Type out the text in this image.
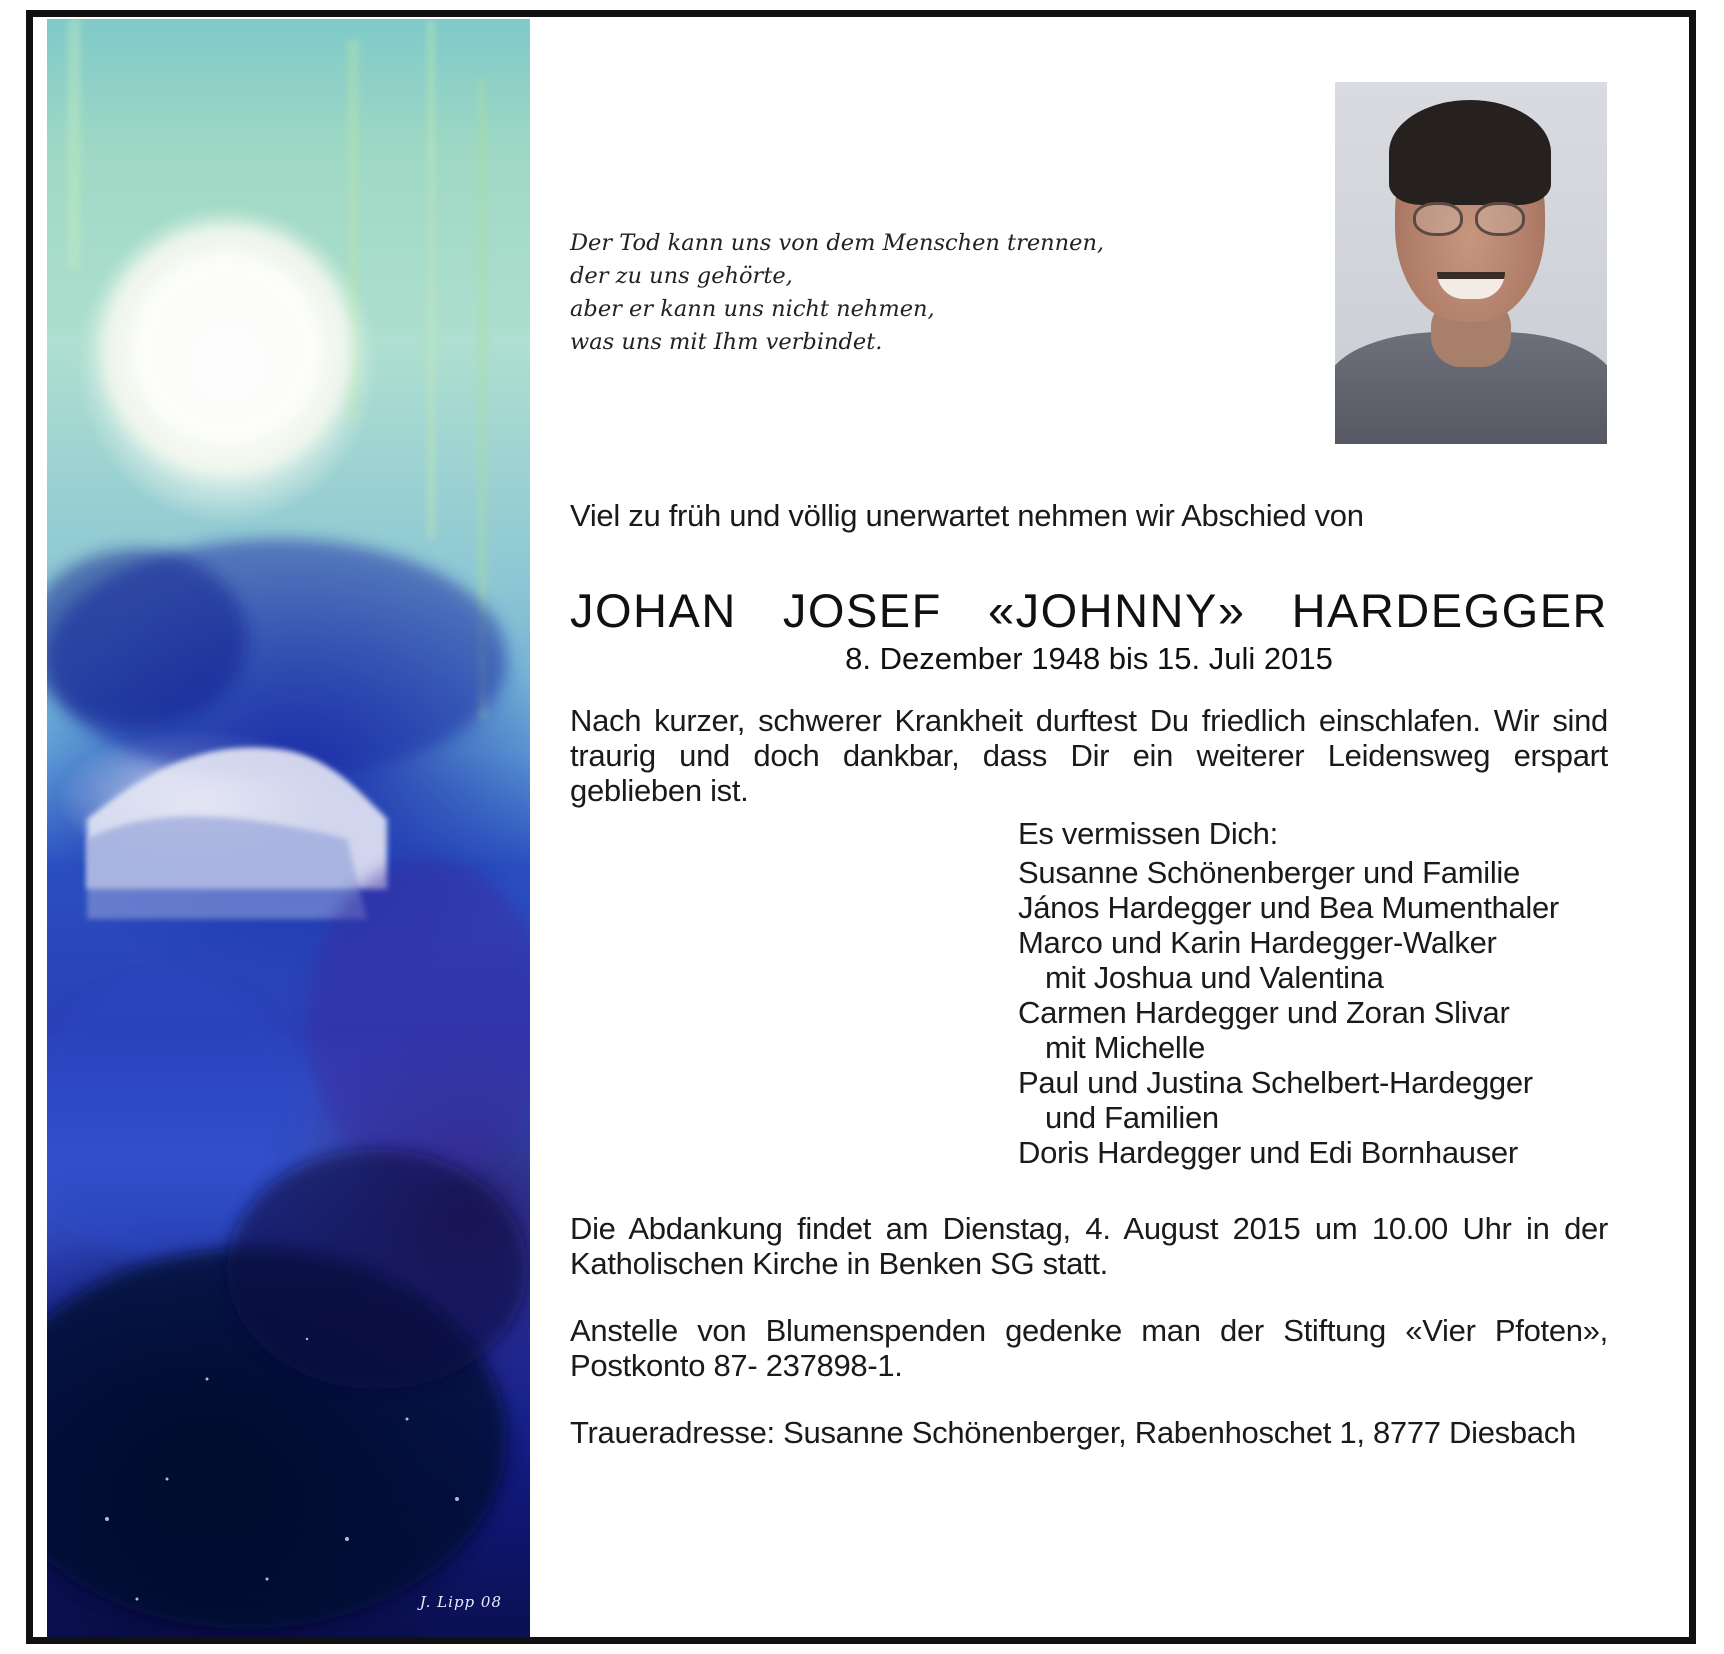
J. Lipp 08
Der Tod kann uns von dem Menschen trennen,
der zu uns gehörte,
aber er kann uns nicht nehmen,
was uns mit Ihm verbindet.
Viel zu früh und völlig unerwartet nehmen wir Abschied von
JOHAN JOSEF «JOHNNY» HARDEGGER
8. Dezember 1948 bis 15. Juli 2015
Nach kurzer, schwerer Krankheit durftest Du friedlich einschlafen. Wir sind traurig und doch dankbar, dass Dir ein weiterer Leidensweg erspart geblieben ist.
Es vermissen Dich:
Susanne Schönenberger und Familie
János Hardegger und Bea Mumenthaler
Marco und Karin Hardegger-Walker
mit Joshua und Valentina
Carmen Hardegger und Zoran Slivar
mit Michelle
Paul und Justina Schelbert-Hardegger
und Familien
Doris Hardegger und Edi Bornhauser
Die Abdankung findet am Dienstag, 4. August 2015 um 10.00 Uhr in der Katholischen Kirche in Benken SG statt.
Anstelle von Blumenspenden gedenke man der Stiftung «Vier Pfoten», Postkonto 87- 237898-1.
Traueradresse: Susanne Schönenberger, Rabenhoschet 1, 8777 Diesbach
